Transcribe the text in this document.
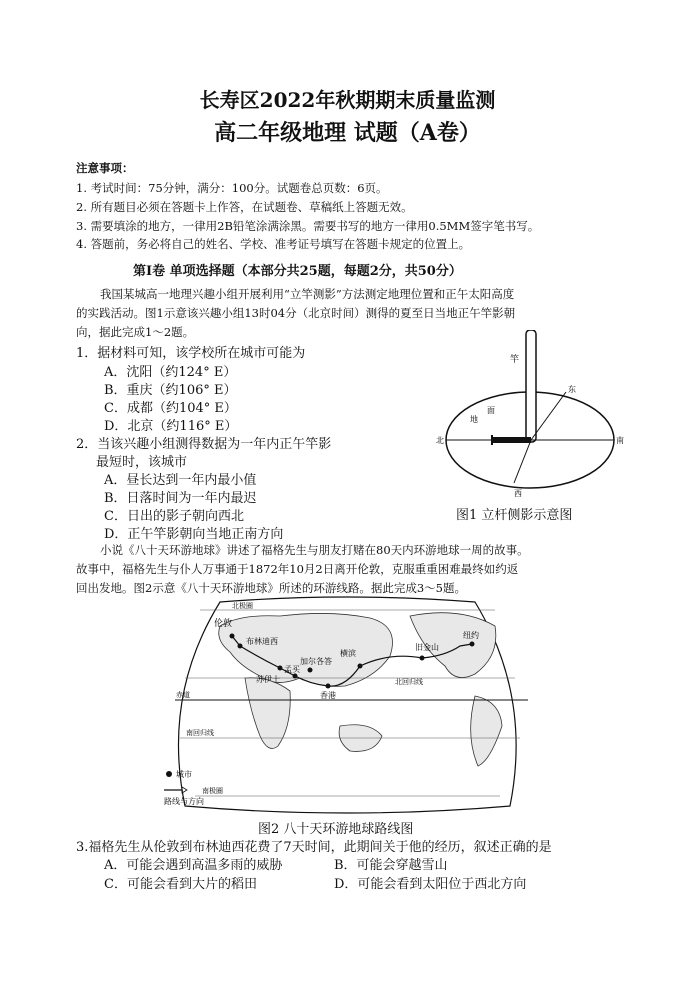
长寿区2022年秋期期末质量监测
高二年级地理 试题（A卷）
注意事项：
1. 考试时间：75分钟，满分：100分。试题卷总页数：6页。
2. 所有题目必须在答题卡上作答，在试题卷、草稿纸上答题无效。
3. 需要填涂的地方，一律用2B铅笔涂满涂黑。需要书写的地方一律用0.5MM签字笔书写。
4. 答题前，务必将自己的姓名、学校、准考证号填写在答题卡规定的位置上。
第Ⅰ卷 单项选择题（本部分共25题，每题2分，共50分）

我国某城高一地理兴趣小组开展利用“立竿测影”方法测定地理位置和正午太阳高度

的实践活动。图1示意该兴趣小组13时04分（北京时间）测得的夏至日当地正午竿影朝

向，据此完成1～2题。

1．据材料可知，该学校所在城市可能为
A．沈阳（约124° E）
B．重庆（约106° E）
C．成都（约104° E）
D．北京（约116° E）
2．当该兴趣小组测得数据为一年内正午竿影
最短时，该城市
A．昼长达到一年内最小值
B．日落时间为一年内最迟
C．日出的影子朝向西北
D．正午竿影朝向当地正南方向
竿
面
地
东
北	南
西
图1 立杆侧影示意图

小说《八十天环游地球》讲述了福格先生与朋友打赌在80天内环游地球一周的故事。

故事中，福格先生与仆人万事通于1872年10月2日离开伦敦，克服重重困难最终如约返

回出发地。图2示意《八十天环游地球》所述的环游线路。据此完成3～5题。

北极圈
伦敦
布林迪西
苏伊士
孟买
加尔各答
香港
横滨
旧金山
纽约
北回归线
赤道
南回归线
南极圈
城市
路线与方向
图2 八十天环游地球路线图
3.福格先生从伦敦到布林迪西花费了7天时间，此期间关于他的经历，叙述正确的是
A．可能会遇到高温多雨的威胁	B．可能会穿越雪山
C．可能会看到大片的稻田	D．可能会看到太阳位于西北方向
